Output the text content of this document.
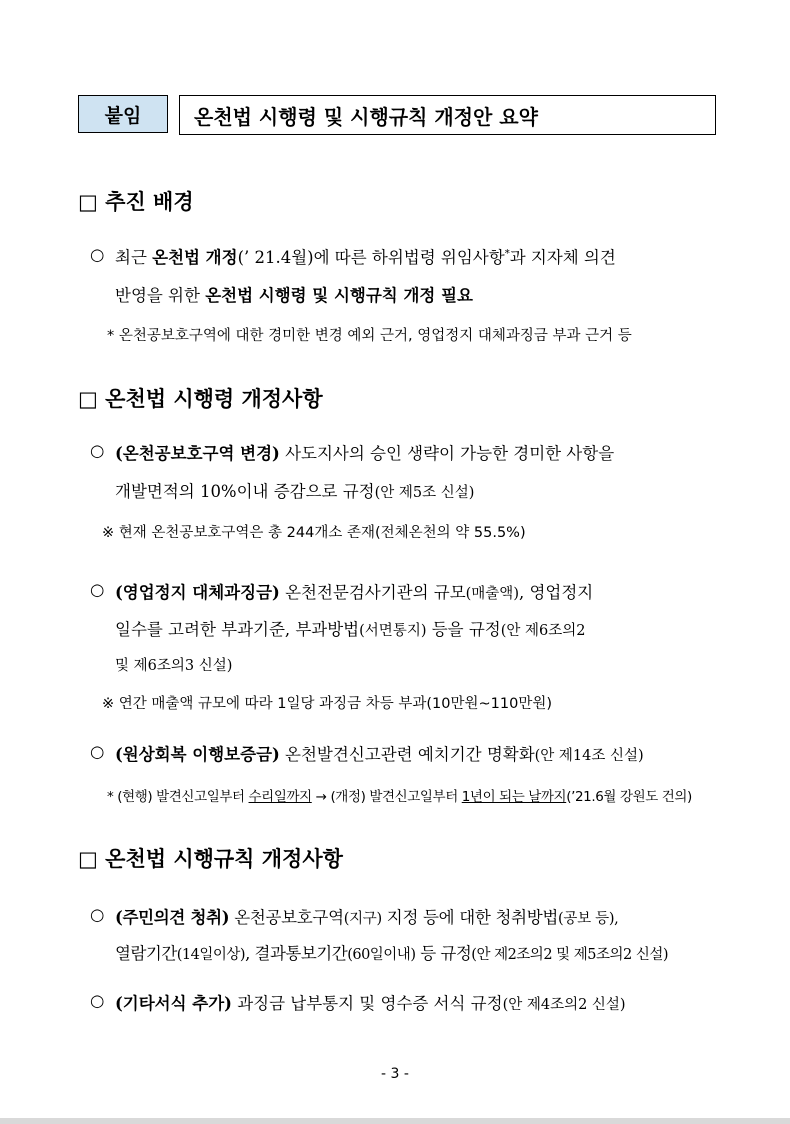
붙임	온천법 시행령 및 시행규칙 개정안 요약
□ 추진 배경
○ 최근 온천법 개정(’ 21.4월)에 따른 하위법령 위임사항*과 지자체 의견
반영을 위한 온천법 시행령 및 시행규칙 개정 필요
* 온천공보호구역에 대한 경미한 변경 예외 근거, 영업정지 대체과징금 부과 근거 등
□ 온천법 시행령 개정사항
○ (온천공보호구역 변경) 사도지사의 승인 생략이 가능한 경미한 사항을
개발면적의 10%이내 증감으로 규정(안 제5조 신설)
※ 현재 온천공보호구역은 총 244개소 존재(전체온천의 약 55.5%)
○ (영업정지 대체과징금) 온천전문검사기관의 규모(매출액), 영업정지
일수를 고려한 부과기준, 부과방법(서면통지) 등을 규정(안 제6조의2
및 제6조의3 신설)
※ 연간 매출액 규모에 따라 1일당 과징금 차등 부과(10만원~110만원)
○ (원상회복 이행보증금) 온천발견신고관련 예치기간 명확화(안 제14조 신설)
* (현행) 발견신고일부터 수리일까지 → (개정) 발견신고일부터 1년이 되는 날까지(’21.6월 강원도 건의)
□ 온천법 시행규칙 개정사항
○ (주민의견 청취) 온천공보호구역(지구) 지정 등에 대한 청취방법(공보 등),
열람기간(14일이상), 결과통보기간(60일이내) 등 규정(안 제2조의2 및 제5조의2 신설)
○ (기타서식 추가) 과징금 납부통지 및 영수증 서식 규정(안 제4조의2 신설)
- 3 -
